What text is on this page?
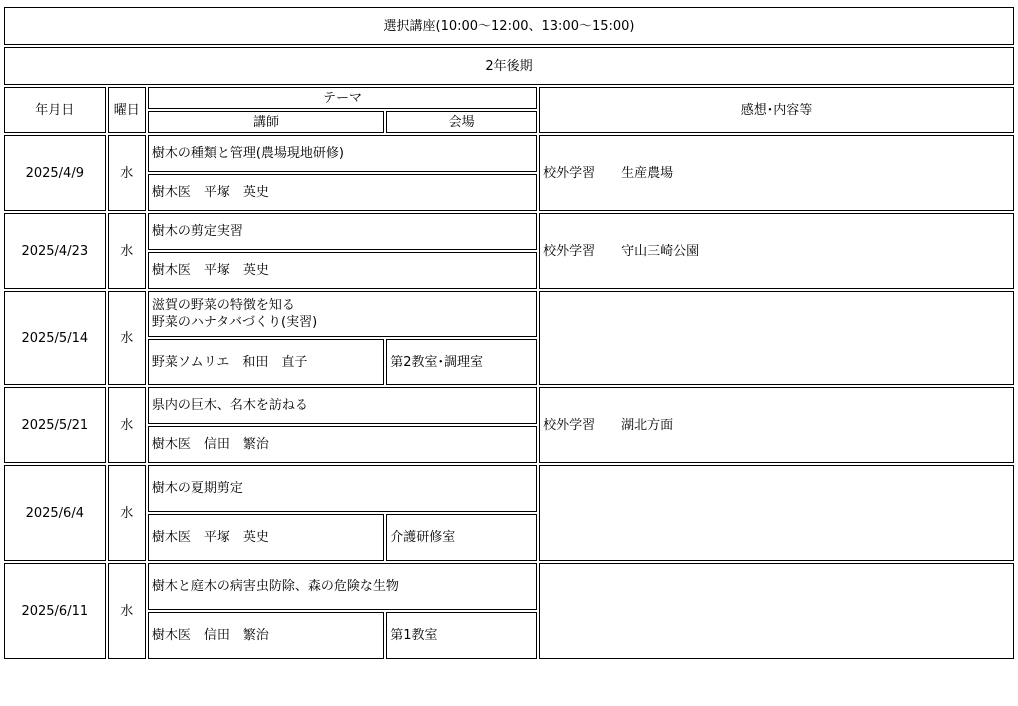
選択講座(10:00〜12:00、13:00〜15:00)				
2年後期				
年月日	曜日	テーマ		感想･内容等
		講師	会場	
2025/4/9	水	樹木の種類と管理(農場現地研修)		校外学習　　生産農場
		樹木医　平塚　英史		
2025/4/23	水	樹木の剪定実習		校外学習　　守山三崎公園
		樹木医　平塚　英史		
2025/5/14	水	滋賀の野菜の特徴を知る
野菜のハナタバづくり(実習)		
		野菜ソムリエ　和田　直子	第2教室･調理室	
2025/5/21	水	県内の巨木、名木を訪ねる		校外学習　　湖北方面
		樹木医　信田　繁治		
2025/6/4	水	樹木の夏期剪定		
		樹木医　平塚　英史	介護研修室	
2025/6/11	水	樹木と庭木の病害虫防除、森の危険な生物		
		樹木医　信田　繁治	第1教室	
